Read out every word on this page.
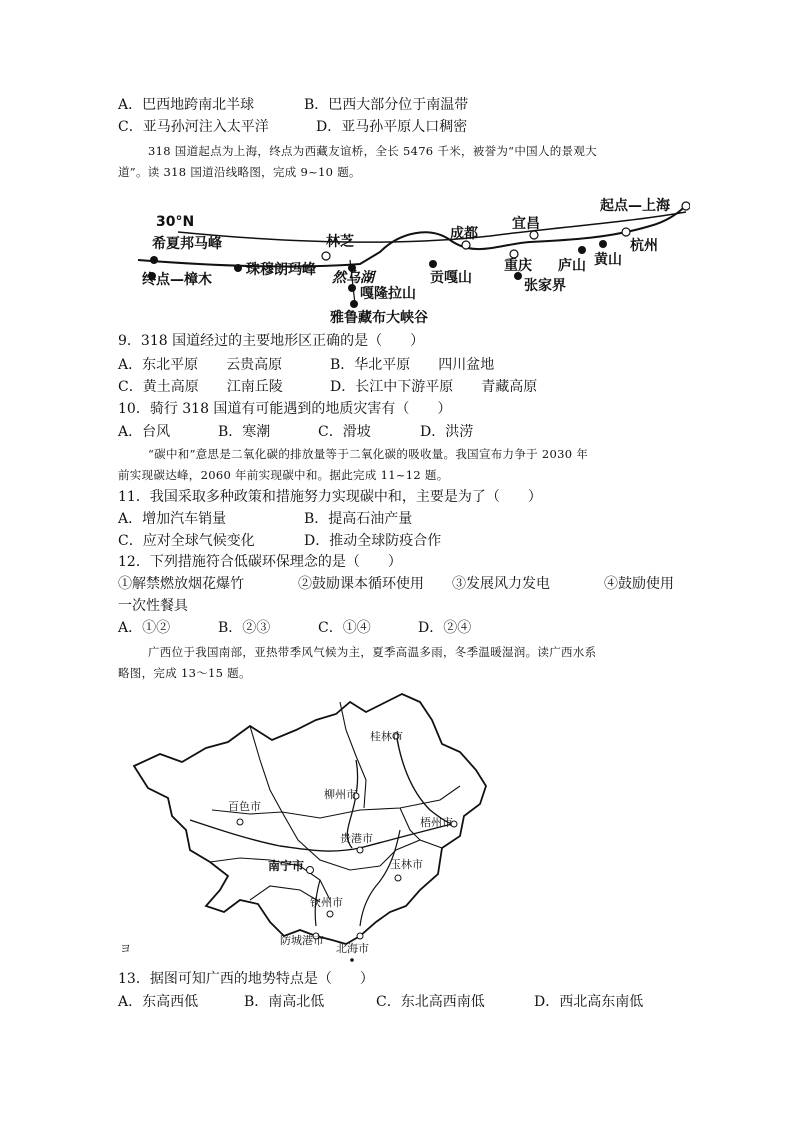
A．巴西地跨南北半球	B．巴西大部分位于南温带
C．亚马孙河注入太平洋	D．亚马孙平原人口稠密
318 国道起点为上海，终点为西藏友谊桥，全长 5476 千米，被誉为“中国人的景观大
道”。读 318 国道沿线略图，完成 9~10 题。
30°N
起点—上海
希夏邦马峰
珠穆朗玛峰
终点—樟木
林芝
然乌湖
嘎隆拉山
雅鲁藏布大峡谷
成都
贡嘎山
宜昌
重庆
张家界
庐山 黄山
杭州
9．318 国道经过的主要地形区正确的是（　　）
A．东北平原　　云贵高原	B．华北平原　　四川盆地
C．黄土高原　　江南丘陵	D．长江中下游平原　　青藏高原
10．骑行 318 国道有可能遇到的地质灾害有（　　）
A．台风	B．寒潮	C．滑坡	D．洪涝
“碳中和”意思是二氧化碳的排放量等于二氧化碳的吸收量。我国宣布力争于 2030 年
前实现碳达峰，2060 年前实现碳中和。据此完成 11~12 题。
11．我国采取多种政策和措施努力实现碳中和，主要是为了（　　）
A．增加汽车销量	B．提高石油产量
C．应对全球气候变化	D．推动全球防疫合作
12．下列措施符合低碳环保理念的是（　　）
①解禁燃放烟花爆竹	②鼓励课本循环使用 ③发展风力发电	④鼓励使用
一次性餐具
A．①②	B．②③	C．①④	D．②④
广西位于我国南部，亚热带季风气候为主，夏季高温多雨，冬季温暖湿润。读广西水系
略图，完成 13～15 题。
桂林市
柳州市
百色市
梧州市
贵港市
南宁市	玉林市
钦州市
防城港市
北海市
ヨ
13．据图可知广西的地势特点是（　　）
A．东高西低	B．南高北低	C．东北高西南低	D．西北高东南低
